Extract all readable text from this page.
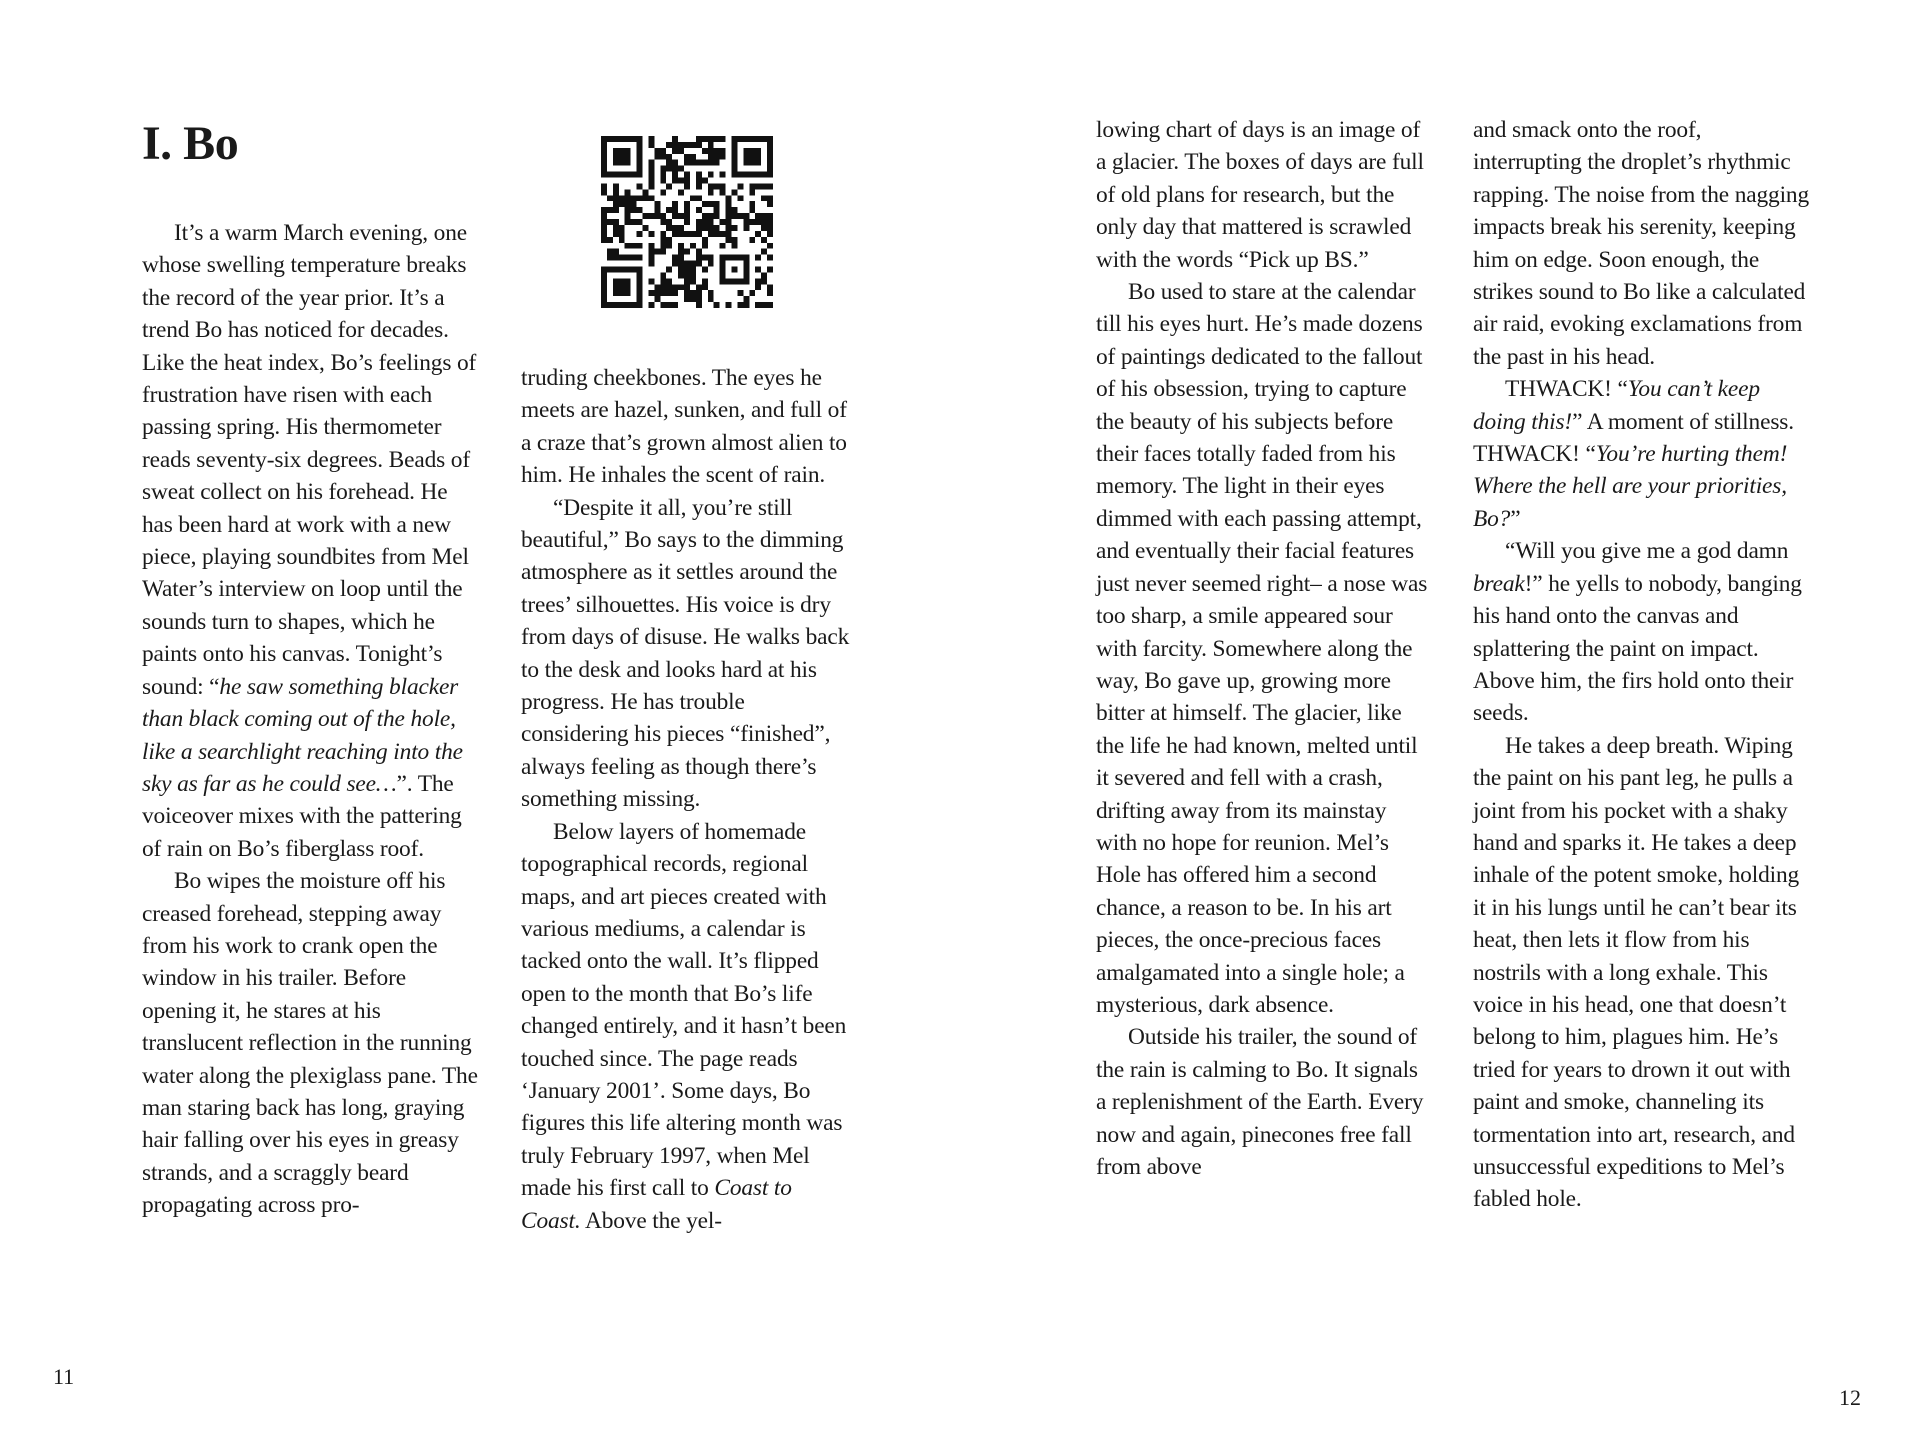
I. Bo

It’s a warm March evening, one whose swelling temperature breaks the record of the year prior. It’s a trend Bo has noticed for decades. Like the heat index, Bo’s feelings of frustration have risen with each passing spring. His thermometer reads seventy-six degrees. Beads of sweat collect on his forehead. He has been hard at work with a new piece, playing soundbites from Mel Water’s interview on loop until the sounds turn to shapes, which he paints onto his canvas. Tonight’s sound: “he saw something blacker than black coming out of the hole, like a searchlight reaching into the sky as far as he could see…”. The voiceover mixes with the pattering of rain on Bo’s fiberglass roof.

Bo wipes the moisture off his creased forehead, stepping away from his work to crank open the window in his trailer. Before opening it, he stares at his translucent reflection in the running water along the plexiglass pane. The man staring back has long, graying hair falling over his eyes in greasy strands, and a scraggly beard propagating across pro-

truding cheekbones. The eyes he meets are hazel, sunken, and full of a craze that’s grown almost alien to him. He inhales the scent of rain.

“Despite it all, you’re still beautiful,” Bo says to the dimming atmosphere as it settles around the trees’ silhouettes. His voice is dry from days of disuse. He walks back to the desk and looks hard at his progress. He has trouble considering his pieces “finished”, always feeling as though there’s something missing.

Below layers of homemade topographical records, regional maps, and art pieces created with various mediums, a calendar is tacked onto the wall. It’s flipped open to the month that Bo’s life changed entirely, and it hasn’t been touched since. The page reads ‘January 2001’. Some days, Bo figures this life altering month was truly February 1997, when Mel made his first call to Coast to Coast. Above the yel-

lowing chart of days is an image of a glacier. The boxes of days are full of old plans for research, but the only day that mattered is scrawled with the words “Pick up BS.”

Bo used to stare at the calendar till his eyes hurt. He’s made dozens of paintings dedicated to the fallout of his obsession, trying to capture the beauty of his subjects before their faces totally faded from his memory. The light in their eyes dimmed with each passing attempt, and eventually their facial features just never seemed right– a nose was too sharp, a smile appeared sour with farcity. Somewhere along the way, Bo gave up, growing more bitter at himself. The glacier, like the life he had known, melted until it severed and fell with a crash, drifting away from its mainstay with no hope for reunion. Mel’s Hole has offered him a second chance, a reason to be. In his art pieces, the once-precious faces amalgamated into a single hole; a mysterious, dark absence.

Outside his trailer, the sound of the rain is calming to Bo. It signals a replenishment of the Earth. Every now and again, pinecones free fall from above

and smack onto the roof, interrupting the droplet’s rhythmic rapping. The noise from the nagging impacts break his serenity, keeping him on edge. Soon enough, the strikes sound to Bo like a calculated air raid, evoking exclamations from the past in his head.

THWACK! “You can’t keep doing this!” A moment of stillness. THWACK! “You’re hurting them! Where the hell are your priorities, Bo?”

“Will you give me a god damn break!” he yells to nobody, banging his hand onto the canvas and splattering the paint on impact. Above him, the firs hold onto their seeds.

He takes a deep breath. Wiping the paint on his pant leg, he pulls a joint from his pocket with a shaky hand and sparks it. He takes a deep inhale of the potent smoke, holding it in his lungs until he can’t bear its heat, then lets it flow from his nostrils with a long exhale. This voice in his head, one that doesn’t belong to him, plagues him. He’s tried for years to drown it out with paint and smoke, channeling its tormentation into art, research, and unsuccessful expeditions to Mel’s fabled hole.

11
12
